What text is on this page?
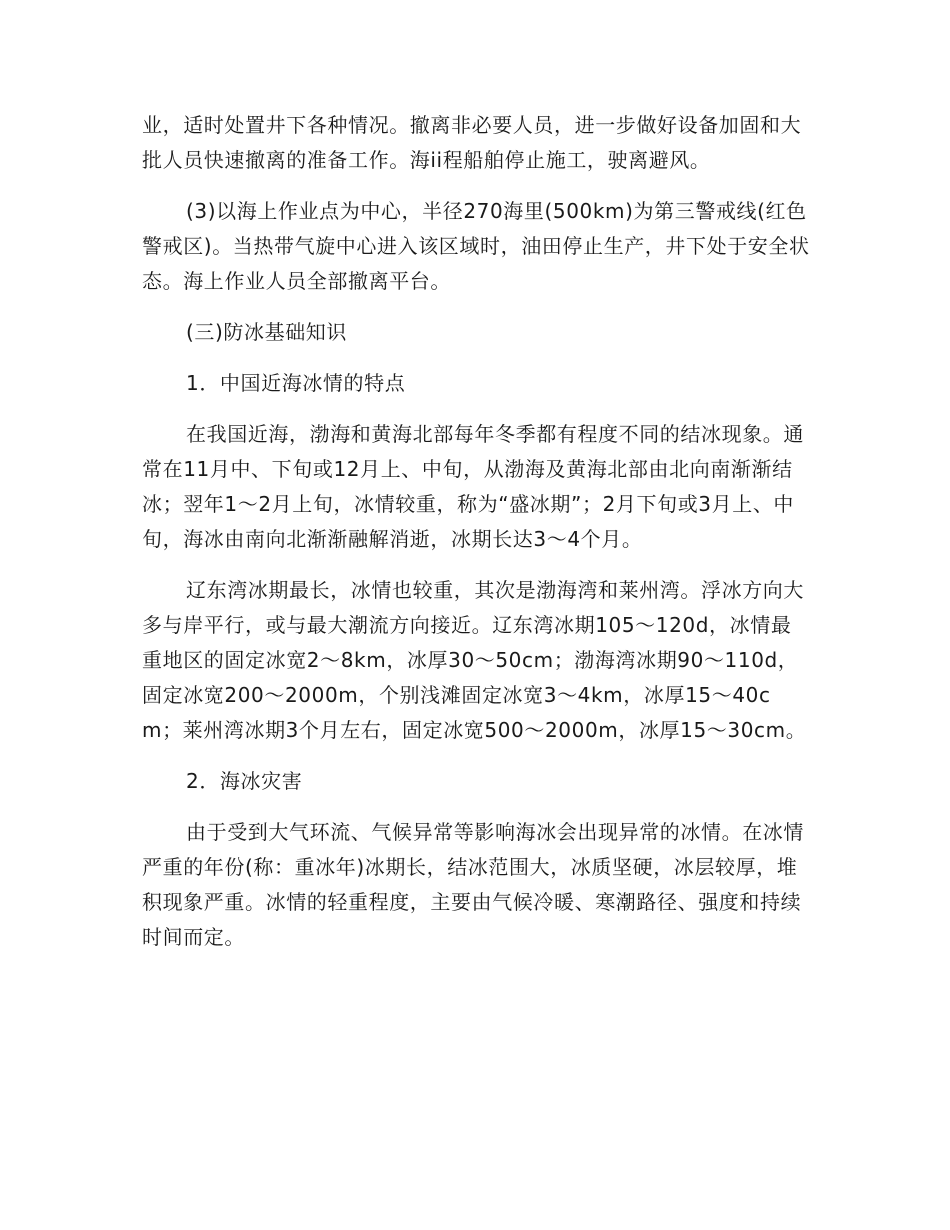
业，适时处置井下各种情况。撤离非必要人员，进一步做好设备加固和大批人员快速撤离的准备工作。海ii程船舶停止施工，驶离避风。

(3)以海上作业点为中心，半径270海里(500km)为第三警戒线(红色警戒区)。当热带气旋中心进入该区域时，油田停止生产，井下处于安全状态。海上作业人员全部撤离平台。

(三)防冰基础知识

1．中国近海冰情的特点

在我国近海，渤海和黄海北部每年冬季都有程度不同的结冰现象。通常在11月中、下旬或12月上、中旬，从渤海及黄海北部由北向南渐渐结冰；翌年1～2月上旬，冰情较重，称为“盛冰期”；2月下旬或3月上、中旬，海冰由南向北渐渐融解消逝，冰期长达3～4个月。

辽东湾冰期最长，冰情也较重，其次是渤海湾和莱州湾。浮冰方向大多与岸平行，或与最大潮流方向接近。辽东湾冰期105～120d，冰情最重地区的固定冰宽2～8km，冰厚30～50cm；渤海湾冰期90～110d，固定冰宽200～2000m，个别浅滩固定冰宽3～4km，冰厚15～40cm；莱州湾冰期3个月左右，固定冰宽500～2000m，冰厚15～30cm。

2．海冰灾害

由于受到大气环流、气候异常等影响海冰会出现异常的冰情。在冰情严重的年份(称：重冰年)冰期长，结冰范围大，冰质坚硬，冰层较厚，堆积现象严重。冰情的轻重程度，主要由气候冷暖、寒潮路径、强度和持续时间而定。
